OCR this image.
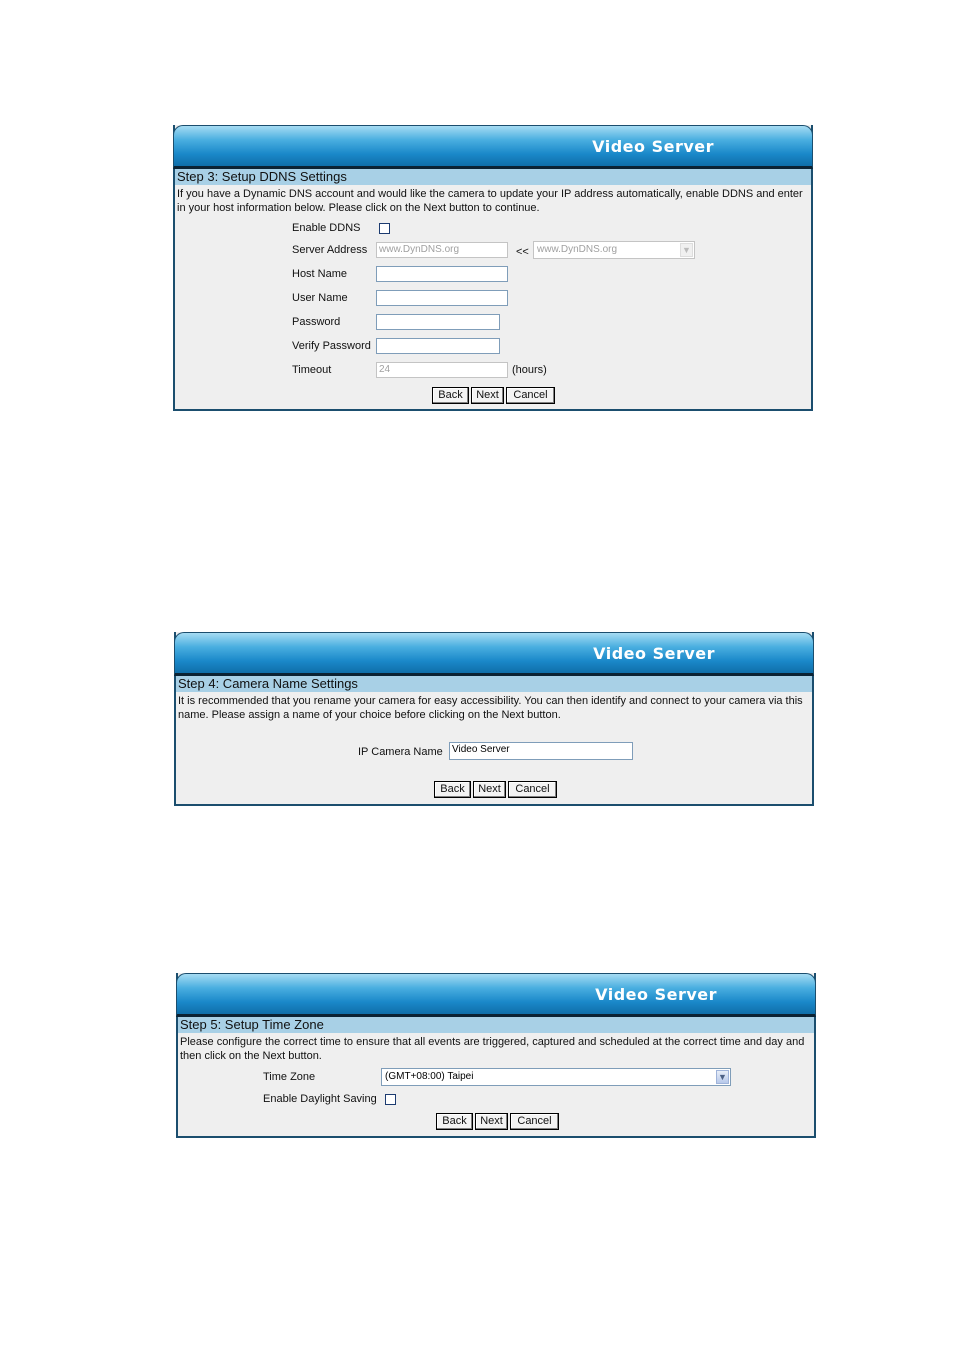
Video Server
Step 3: Setup DDNS Settings
If you have a Dynamic DNS account and would like the camera to update your IP address automatically, enable DDNS and enter in your host information below. Please click on the Next button to continue.
Enable DDNS
Server Address	www.DynDNS.org	<< www.DynDNS.org	▼
Host Name
User Name
Password
Verify Password
Timeout	24	(hours)
Back	Next	Cancel
Video Server
Step 4: Camera Name Settings
It is recommended that you rename your camera for easy accessibility. You can then identify and connect to your camera via this name. Please assign a name of your choice before clicking on the Next button.
IP Camera Name Video Server
Back	Next	Cancel
Video Server
Step 5: Setup Time Zone
Please configure the correct time to ensure that all events are triggered, captured and scheduled at the correct time and day and then click on the Next button.
Time Zone	(GMT+08:00) Taipei	▼
Enable Daylight Saving
Back	Next	Cancel
